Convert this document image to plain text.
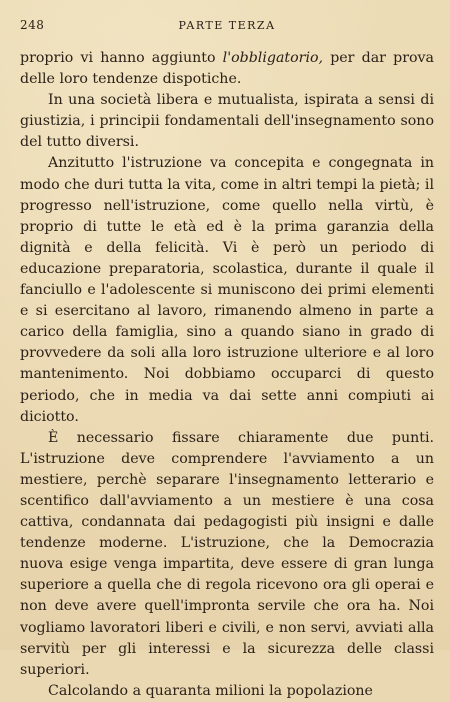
248	PARTE TERZA

proprio vi hanno aggiunto l'obbligatorio, per dar prova delle loro tendenze dispotiche.

In una società libera e mutualista, ispirata a sensi di giustizia, i principii fondamentali dell'insegnamento sono del tutto diversi.

Anzitutto l'istruzione va concepita e congegnata in modo che duri tutta la vita, come in altri tempi la pietà; il progresso nell'istruzione, come quello nella virtù, è proprio di tutte le età ed è la prima garanzia della dignità e della felicità. Vi è però un periodo di educazione preparatoria, scolastica, durante il quale il fanciullo e l'adolescente si muniscono dei primi elementi e si esercitano al lavoro, rimanendo almeno in parte a carico della famiglia, sino a quando siano in grado di provvedere da soli alla loro istruzione ulteriore e al loro mantenimento. Noi dobbiamo occuparci di questo periodo, che in media va dai sette anni compiuti ai diciotto.

È necessario fissare chiaramente due punti. L'istruzione deve comprendere l'avviamento a un mestiere, perchè separare l'insegnamento letterario e scentifico dall'avviamento a un mestiere è una cosa cattiva, condannata dai pedagogisti più insigni e dalle tendenze moderne. L'istruzione, che la Democrazia nuova esige venga impartita, deve essere di gran lunga superiore a quella che di regola ricevono ora gli operai e non deve avere quell'impronta servile che ora ha. Noi vogliamo lavoratori liberi e civili, e non servi, avviati alla servitù per gli interessi e la sicurezza delle classi superiori.

Calcolando a quaranta milioni la popolazione
